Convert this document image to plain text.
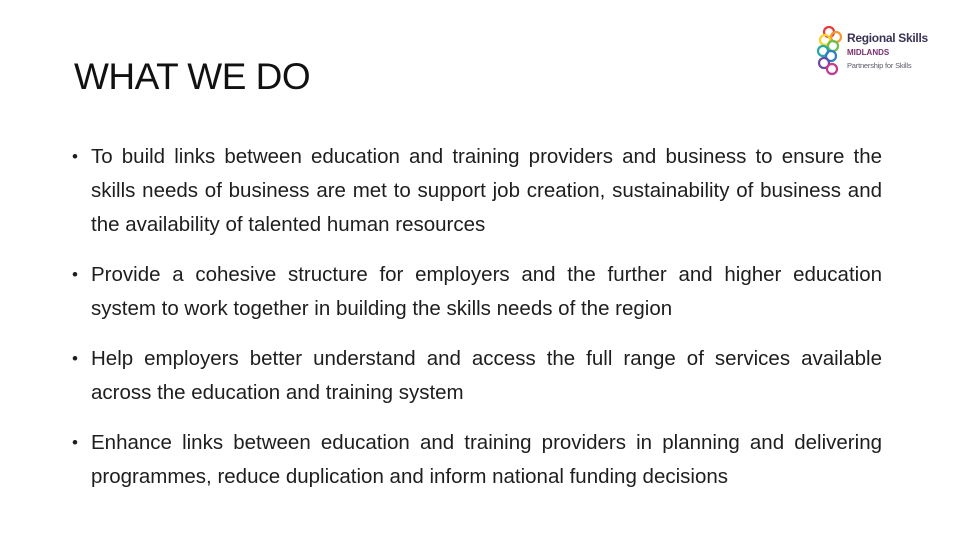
WHAT WE DO
Regional Skills
MIDLANDS
Partnership for Skills
• To build links between education and training providers and business to ensure the skills needs of business are met to support job creation, sustainability of business and the availability of talented human resources
• Provide a cohesive structure for employers and the further and higher education system to work together in building the skills needs of the region
• Help employers better understand and access the full range of services available across the education and training system
• Enhance links between education and training providers in planning and delivering programmes, reduce duplication and inform national funding decisions
